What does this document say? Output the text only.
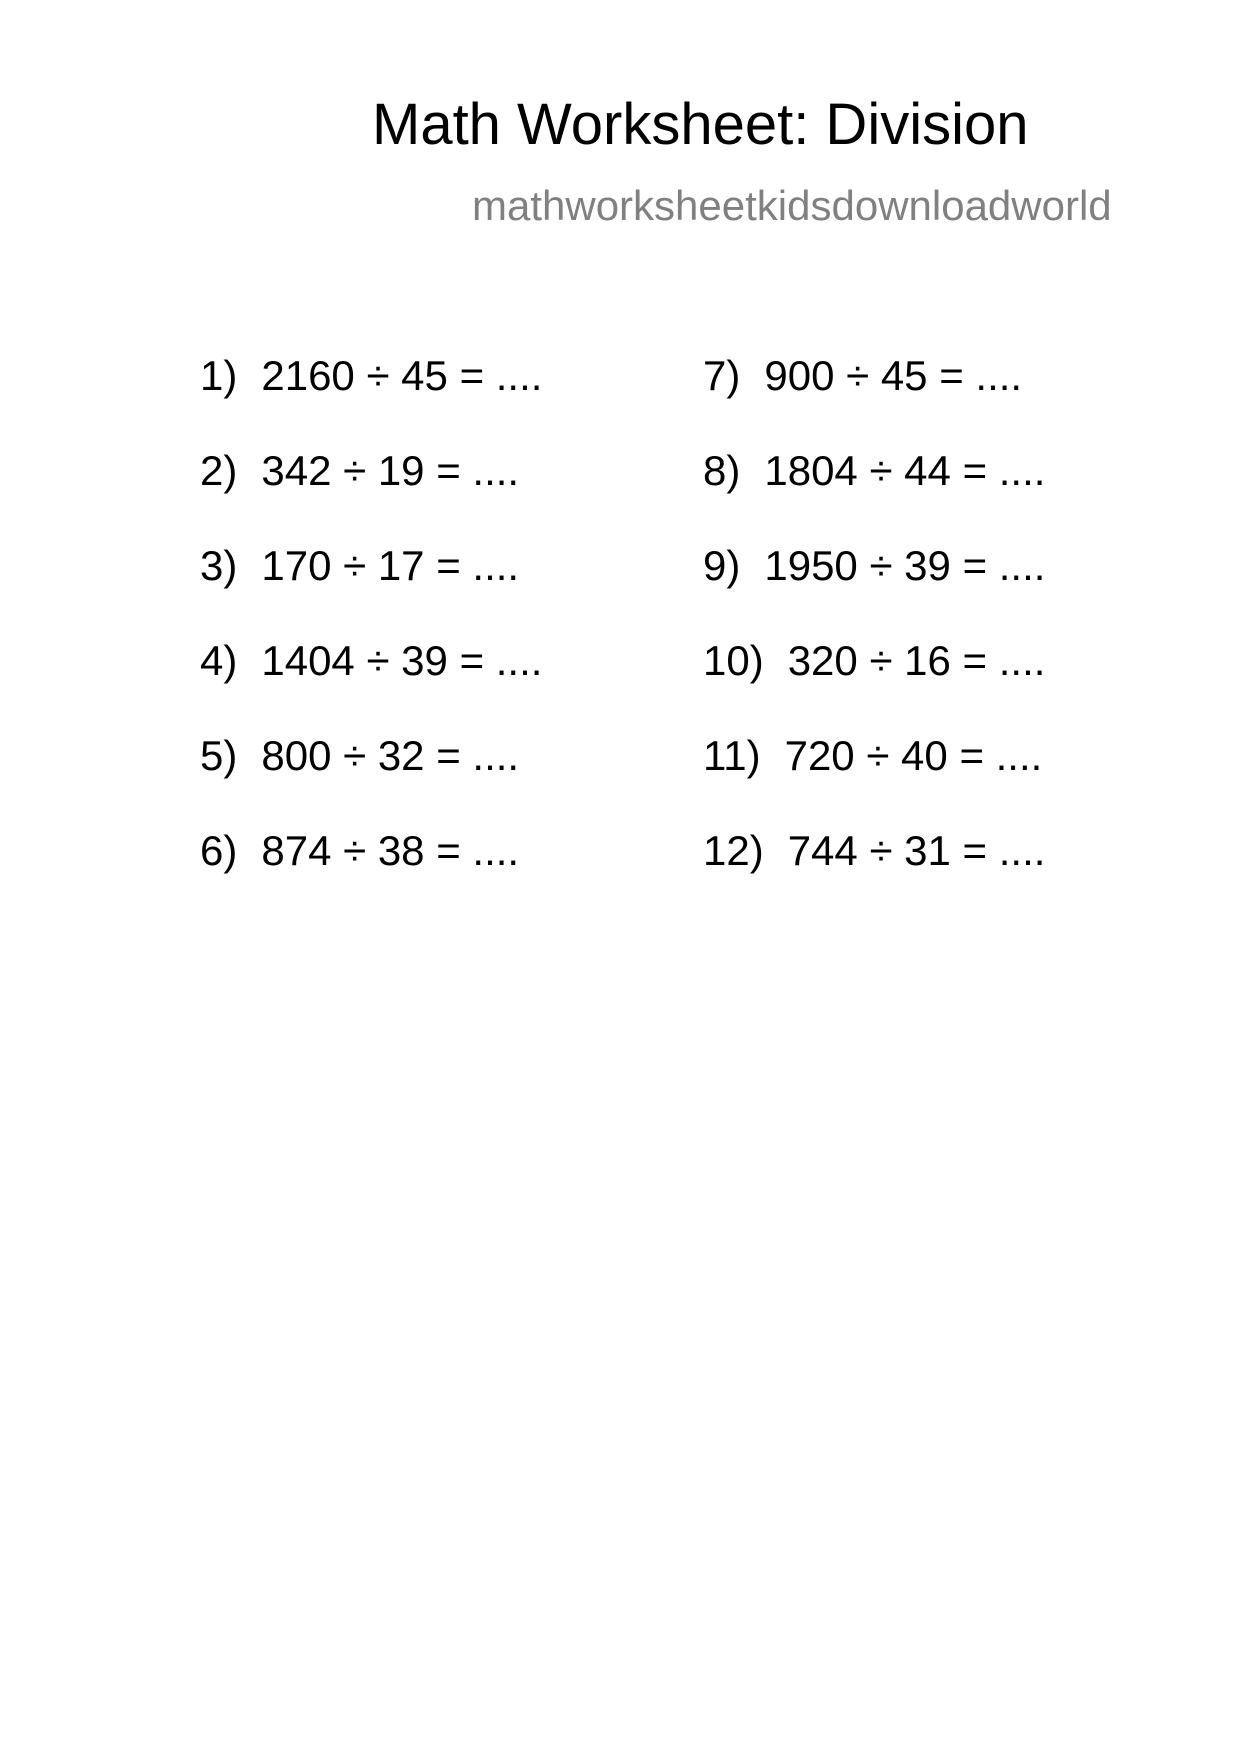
Math Worksheet: Division
mathworksheetkidsdownloadworld
1) 2160 ÷ 45 = ....
2) 342 ÷ 19 = ....
3) 170 ÷ 17 = ....
4) 1404 ÷ 39 = ....
5) 800 ÷ 32 = ....
6) 874 ÷ 38 = ....
7) 900 ÷ 45 = ....
8) 1804 ÷ 44 = ....
9) 1950 ÷ 39 = ....
10) 320 ÷ 16 = ....
11) 720 ÷ 40 = ....
12) 744 ÷ 31 = ....
